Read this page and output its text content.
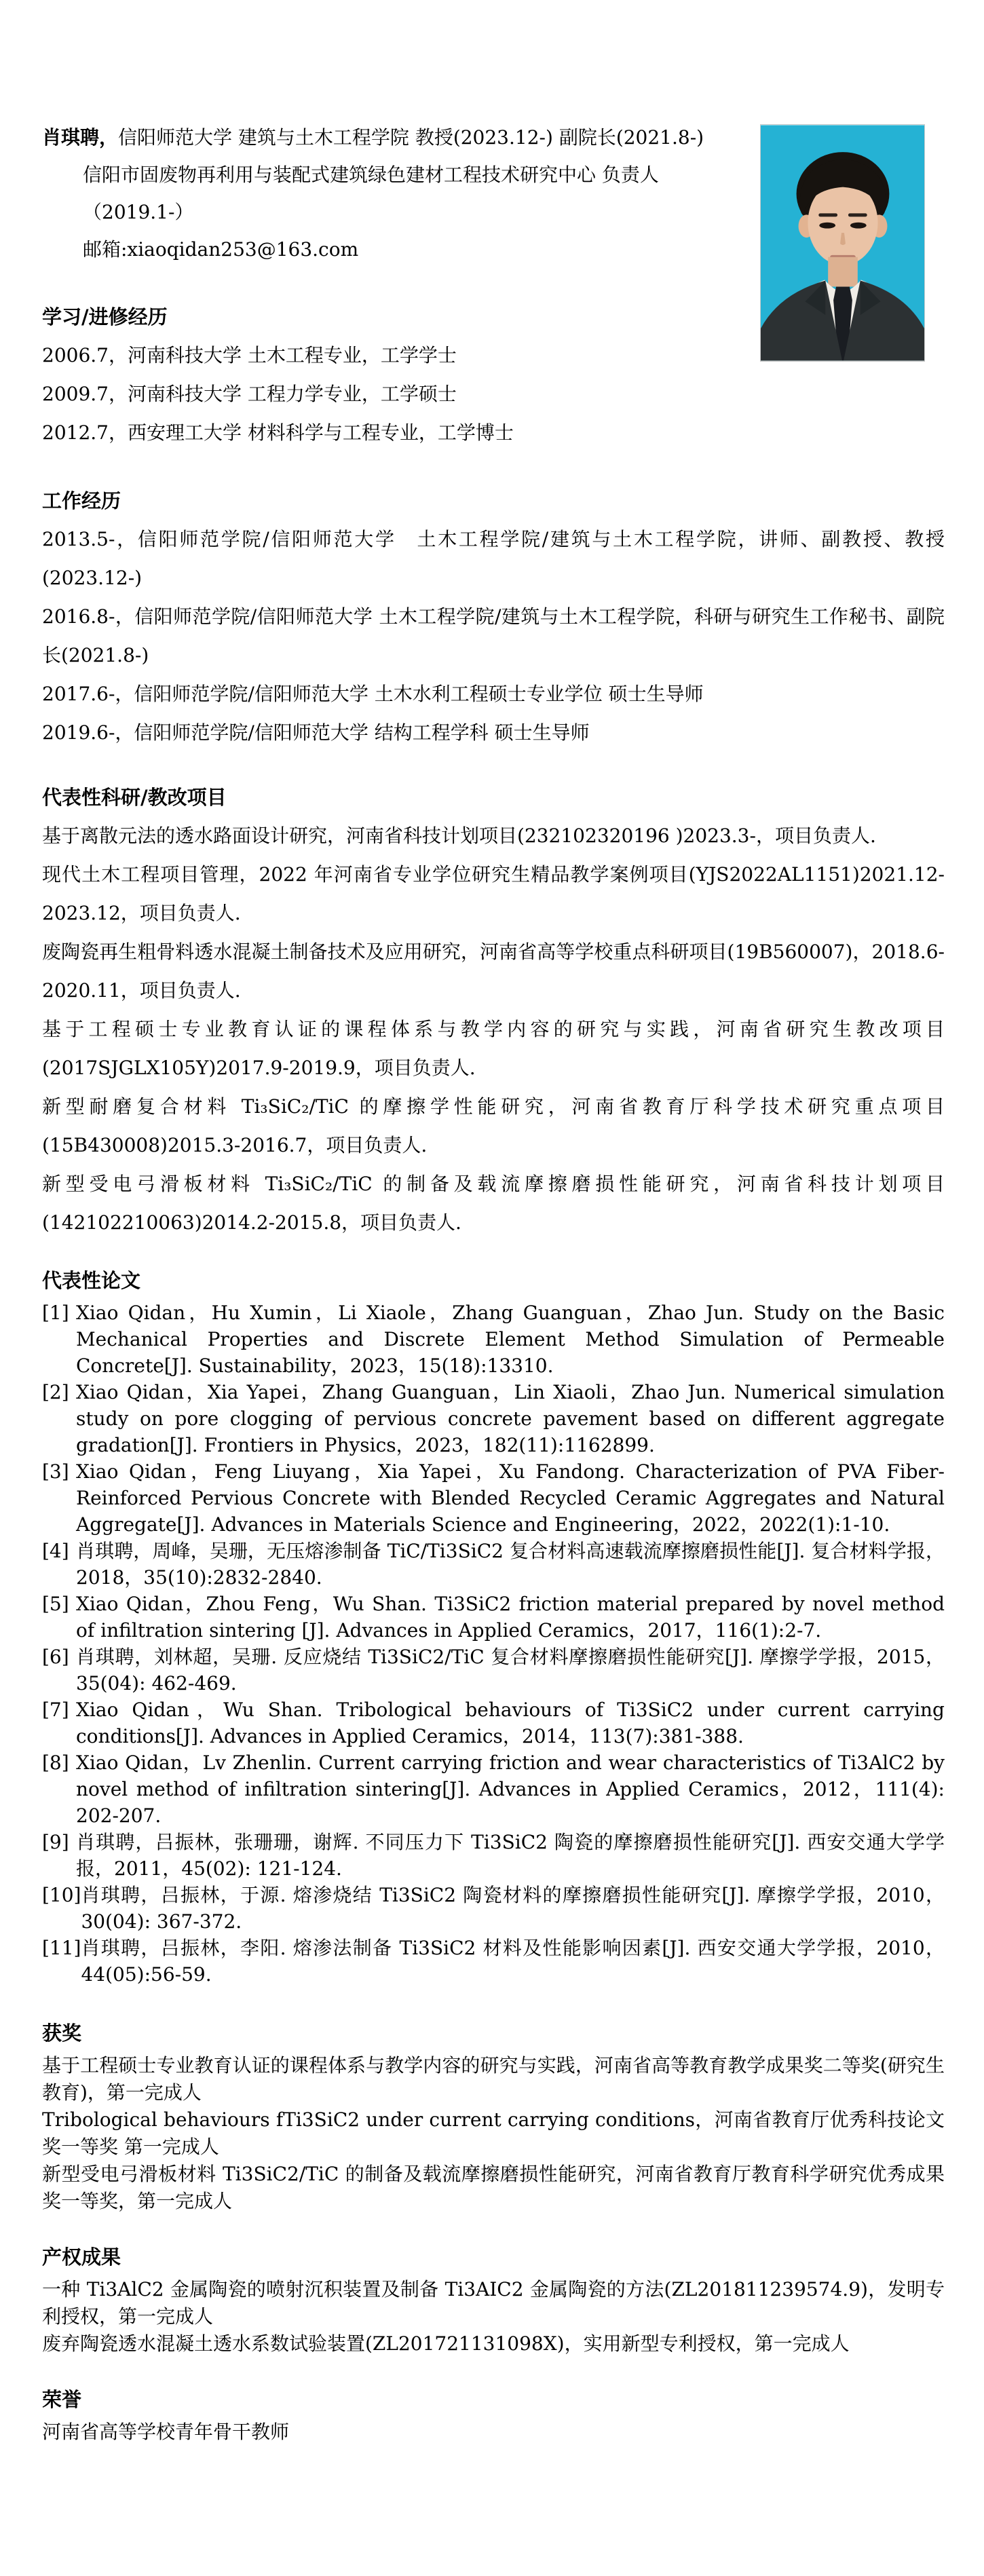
肖琪聘，信阳师范大学 建筑与土木工程学院 教授(2023.12-) 副院长(2021.8-)

信阳市固废物再利用与装配式建筑绿色建材工程技术研究中心 负责人

（2019.1-）

邮箱:xiaoqidan253@163.com

学习/进修经历

2006.7，河南科技大学 土木工程专业，工学学士

2009.7，河南科技大学 工程力学专业，工学硕士

2012.7，西安理工大学 材料科学与工程专业，工学博士

工作经历

2013.5-，信阳师范学院/信阳师范大学　土木工程学院/建筑与土木工程学院，讲师、副教授、教授(2023.12-)

2016.8-，信阳师范学院/信阳师范大学 土木工程学院/建筑与土木工程学院，科研与研究生工作秘书、副院长(2021.8-)

2017.6-，信阳师范学院/信阳师范大学 土木水利工程硕士专业学位 硕士生导师

2019.6-，信阳师范学院/信阳师范大学 结构工程学科 硕士生导师

代表性科研/教改项目

基于离散元法的透水路面设计研究，河南省科技计划项目(232102320196 )2023.3-，项目负责人.

现代土木工程项目管理，2022 年河南省专业学位研究生精品教学案例项目(YJS2022AL1151)2021.12-2023.12，项目负责人.

废陶瓷再生粗骨料透水混凝土制备技术及应用研究，河南省高等学校重点科研项目(19B560007)，2018.6-2020.11，项目负责人.

基于工程硕士专业教育认证的课程体系与教学内容的研究与实践，河南省研究生教改项目(2017SJGLX105Y)2017.9-2019.9，项目负责人.

新型耐磨复合材料 Ti₃SiC₂/TiC 的摩擦学性能研究，河南省教育厅科学技术研究重点项目(15B430008)2015.3-2016.7，项目负责人.

新型受电弓滑板材料 Ti₃SiC₂/TiC 的制备及载流摩擦磨损性能研究，河南省科技计划项目(142102210063)2014.2-2015.8，项目负责人.

代表性论文
[1] Xiao Qidan，Hu Xumin，Li Xiaole，Zhang Guanguan，Zhao Jun. Study on the Basic Mechanical Properties and Discrete Element Method Simulation of Permeable Concrete[J]. Sustainability，2023，15(18):13310.
[2] Xiao Qidan，Xia Yapei，Zhang Guanguan，Lin Xiaoli，Zhao Jun. Numerical simulation study on pore clogging of pervious concrete pavement based on different aggregate gradation[J]. Frontiers in Physics，2023，182(11):1162899.
[3] Xiao Qidan，Feng Liuyang，Xia Yapei，Xu Fandong. Characterization of PVA Fiber-Reinforced Pervious Concrete with Blended Recycled Ceramic Aggregates and Natural Aggregate[J]. Advances in Materials Science and Engineering，2022，2022(1):1-10.
[4] 肖琪聘，周峰，吴珊，无压熔渗制备 TiC/Ti3SiC2 复合材料高速载流摩擦磨损性能[J]. 复合材料学报，2018，35(10):2832-2840.
[5] Xiao Qidan，Zhou Feng，Wu Shan. Ti3SiC2 friction material prepared by novel method of infiltration sintering [J]. Advances in Applied Ceramics，2017，116(1):2-7.
[6] 肖琪聘，刘林超，吴珊. 反应烧结 Ti3SiC2/TiC 复合材料摩擦磨损性能研究[J]. 摩擦学学报，2015，35(04): 462-469.
[7] Xiao Qidan，Wu Shan. Tribological behaviours of Ti3SiC2 under current carrying conditions[J]. Advances in Applied Ceramics，2014，113(7):381-388.
[8] Xiao Qidan，Lv Zhenlin. Current carrying friction and wear characteristics of Ti3AlC2 by novel method of infiltration sintering[J]. Advances in Applied Ceramics，2012，111(4): 202-207.
[9] 肖琪聘，吕振林，张珊珊，谢辉. 不同压力下 Ti3SiC2 陶瓷的摩擦磨损性能研究[J]. 西安交通大学学报，2011，45(02): 121-124.
[10] 肖琪聘，吕振林，于源. 熔渗烧结 Ti3SiC2 陶瓷材料的摩擦磨损性能研究[J]. 摩擦学学报，2010，30(04): 367-372.
[11] 肖琪聘，吕振林，李阳. 熔渗法制备 Ti3SiC2 材料及性能影响因素[J]. 西安交通大学学报，2010，44(05):56-59.
获奖

基于工程硕士专业教育认证的课程体系与教学内容的研究与实践，河南省高等教育教学成果奖二等奖(研究生教育)，第一完成人

Tribological behaviours fTi3SiC2 under current carrying conditions，河南省教育厅优秀科技论文奖一等奖 第一完成人

新型受电弓滑板材料 Ti3SiC2/TiC 的制备及载流摩擦磨损性能研究，河南省教育厅教育科学研究优秀成果奖一等奖，第一完成人

产权成果

一种 Ti3AlC2 金属陶瓷的喷射沉积装置及制备 Ti3AIC2 金属陶瓷的方法(ZL201811239574.9)，发明专利授权，第一完成人

废弃陶瓷透水混凝土透水系数试验装置(ZL201721131098X)，实用新型专利授权，第一完成人

荣誉

河南省高等学校青年骨干教师
